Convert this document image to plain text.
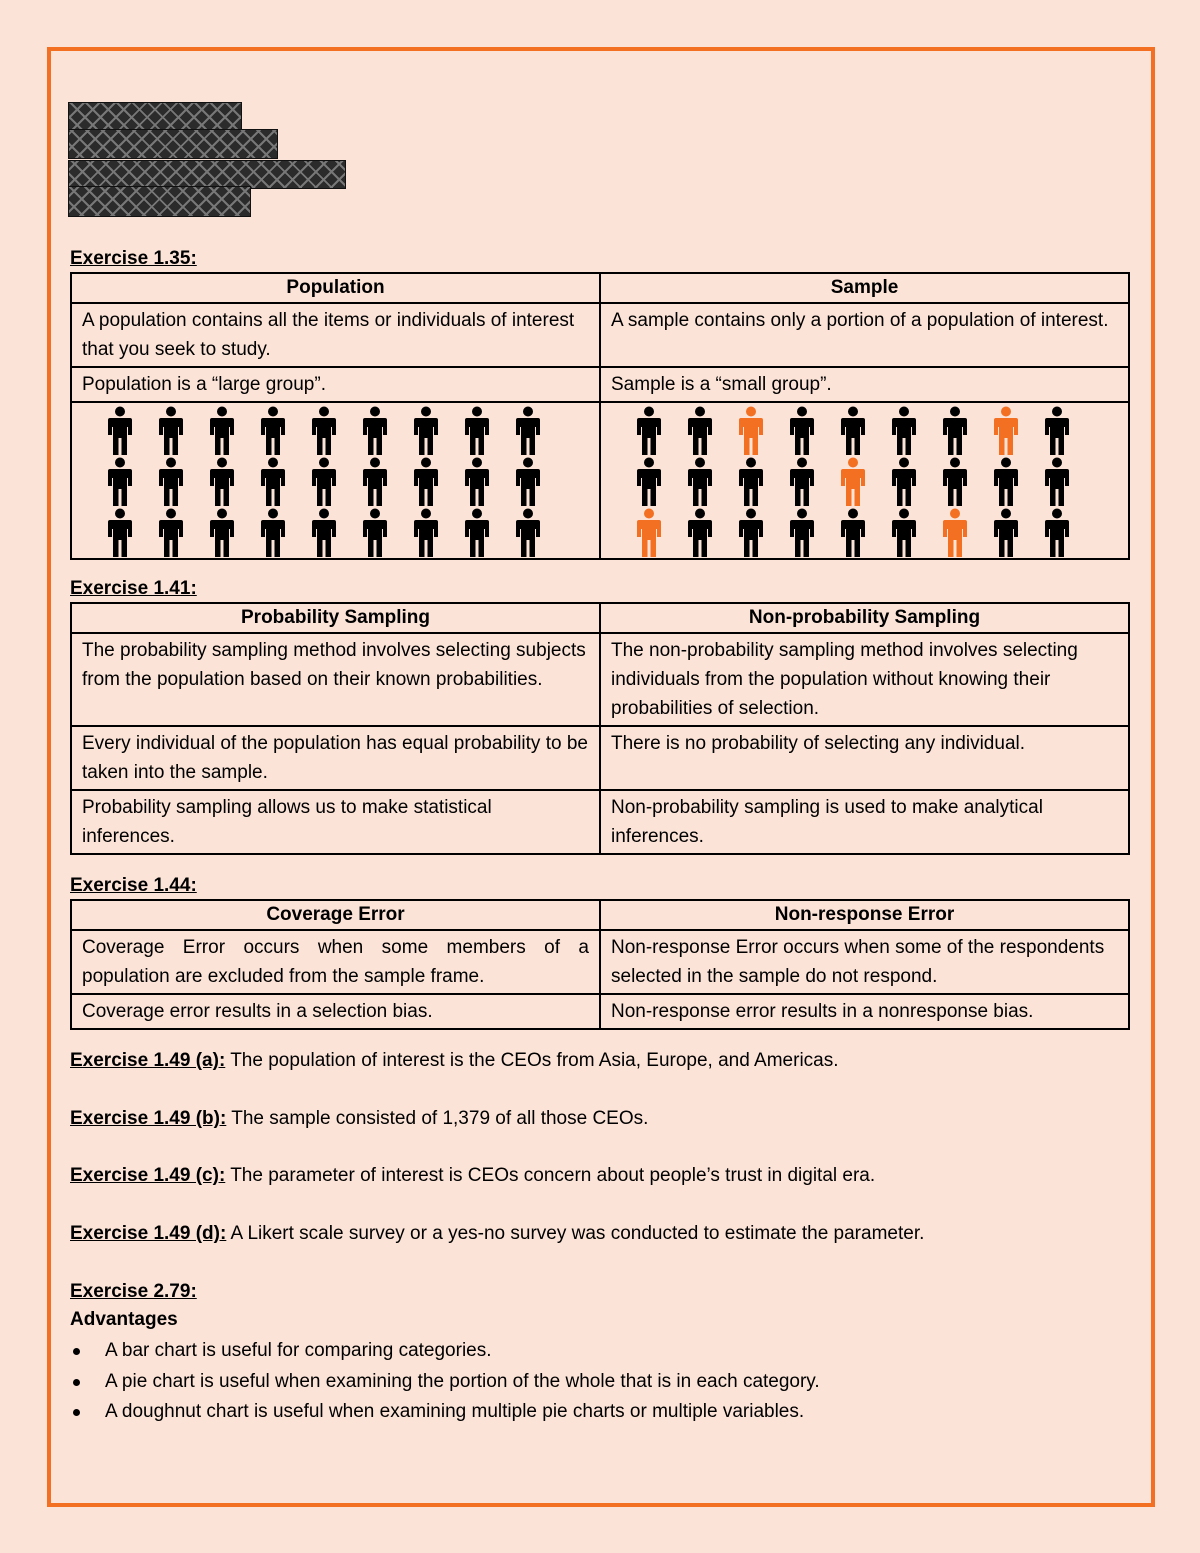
Exercise 1.35:
Population	Sample
A population contains all the items or individuals of interest that you seek to study.	A sample contains only a portion of a population of interest.
Population is a “large group”.	Sample is a “small group”.

Exercise 1.41:
Probability Sampling	Non-probability Sampling
The probability sampling method involves selecting subjects from the population based on their known probabilities.	The non-probability sampling method involves selecting individuals from the population without knowing their probabilities of selection.
Every individual of the population has equal probability to be taken into the sample.	There is no probability of selecting any individual.
Probability sampling allows us to make statistical inferences.	Non-probability sampling is used to make analytical inferences.
Exercise 1.44:
Coverage Error	Non-response Error
Coverage Error occurs when some members of a population are excluded from the sample frame.	Non-response Error occurs when some of the respondents selected in the sample do not respond.
Coverage error results in a selection bias.	Non-response error results in a nonresponse bias.
Exercise 1.49 (a): The population of interest is the CEOs from Asia, Europe, and Americas.
Exercise 1.49 (b): The sample consisted of 1,379 of all those CEOs.
Exercise 1.49 (c): The parameter of interest is CEOs concern about people’s trust in digital era.
Exercise 1.49 (d): A Likert scale survey or a yes-no survey was conducted to estimate the parameter.
Exercise 2.79:
Advantages
A bar chart is useful for comparing categories.
A pie chart is useful when examining the portion of the whole that is in each category.
A doughnut chart is useful when examining multiple pie charts or multiple variables.
